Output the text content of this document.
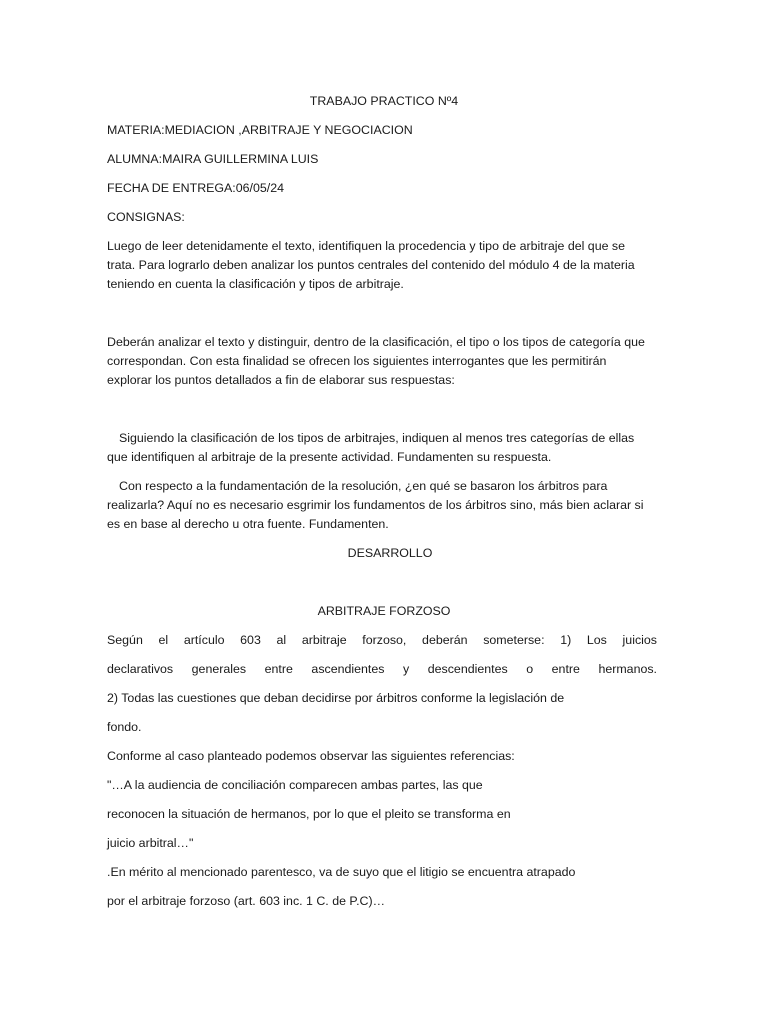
TRABAJO PRACTICO Nº4
MATERIA:MEDIACION ,ARBITRAJE Y NEGOCIACION
ALUMNA:MAIRA GUILLERMINA LUIS
FECHA DE ENTREGA:06/05/24
CONSIGNAS:
Luego de leer detenidamente el texto, identifiquen la procedencia y tipo de arbitraje del que se
trata. Para lograrlo deben analizar los puntos centrales del contenido del módulo 4 de la materia
teniendo en cuenta la clasificación y tipos de arbitraje.
Deberán analizar el texto y distinguir, dentro de la clasificación, el tipo o los tipos de categoría que
correspondan. Con esta finalidad se ofrecen los siguientes interrogantes que les permitirán
explorar los puntos detallados a fin de elaborar sus respuestas:
Siguiendo la clasificación de los tipos de arbitrajes, indiquen al menos tres categorías de ellas
que identifiquen al arbitraje de la presente actividad. Fundamenten su respuesta.
Con respecto a la fundamentación de la resolución, ¿en qué se basaron los árbitros para
realizarla? Aquí no es necesario esgrimir los fundamentos de los árbitros sino, más bien aclarar si
es en base al derecho u otra fuente. Fundamenten.
DESARROLLO
ARBITRAJE FORZOSO
Según el artículo 603 al arbitraje forzoso, deberán someterse: 1) Los juicios
declarativos generales entre ascendientes y descendientes o entre hermanos.
2) Todas las cuestiones que deban decidirse por árbitros conforme la legislación de
fondo.
Conforme al caso planteado podemos observar las siguientes referencias:
"…A la audiencia de conciliación comparecen ambas partes, las que
reconocen la situación de hermanos, por lo que el pleito se transforma en
juicio arbitral…"
.En mérito al mencionado parentesco, va de suyo que el litigio se encuentra atrapado
por el arbitraje forzoso (art. 603 inc. 1 C. de P.C)…
